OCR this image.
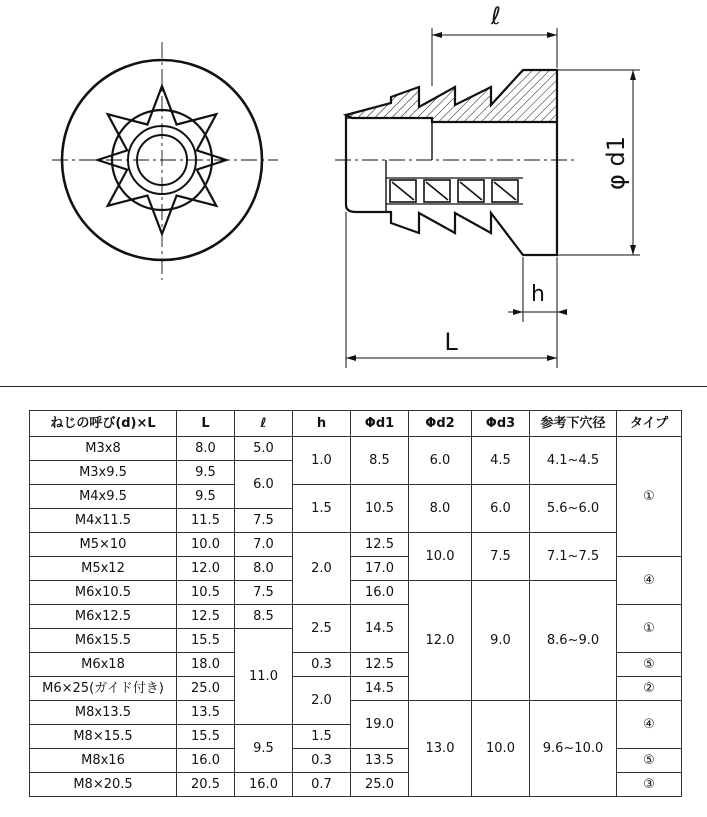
ℓ
φ d1
h
L
ねじの呼び(d)×L	L	ℓ	h	Φd1	Φd2	Φd3	参考下穴径	タイプ
M3x8	8.0	5.0	1.0	8.5	6.0	4.5	4.1~4.5	①
M3x9.5	9.5	6.0						
M4x9.5	9.5		1.5	10.5	8.0	6.0	5.6~6.0	
M4x11.5	11.5	7.5						
M5×10	10.0	7.0	2.0	12.5	10.0	7.5	7.1~7.5	
M5x12	12.0	8.0		17.0				④
M6x10.5	10.5	7.5		16.0	12.0	9.0	8.6~9.0	
M6x12.5	12.5	8.5	2.5	14.5				①
M6x15.5	15.5	11.0						
M6x18	18.0		0.3	12.5				⑤
M6×25(ガイド付き)	25.0		2.0	14.5				②
M8x13.5	13.5			19.0	13.0	10.0	9.6~10.0	④
M8×15.5	15.5	9.5	1.5					
M8x16	16.0		0.3	13.5				⑤
M8×20.5	20.5	16.0	0.7	25.0				③
